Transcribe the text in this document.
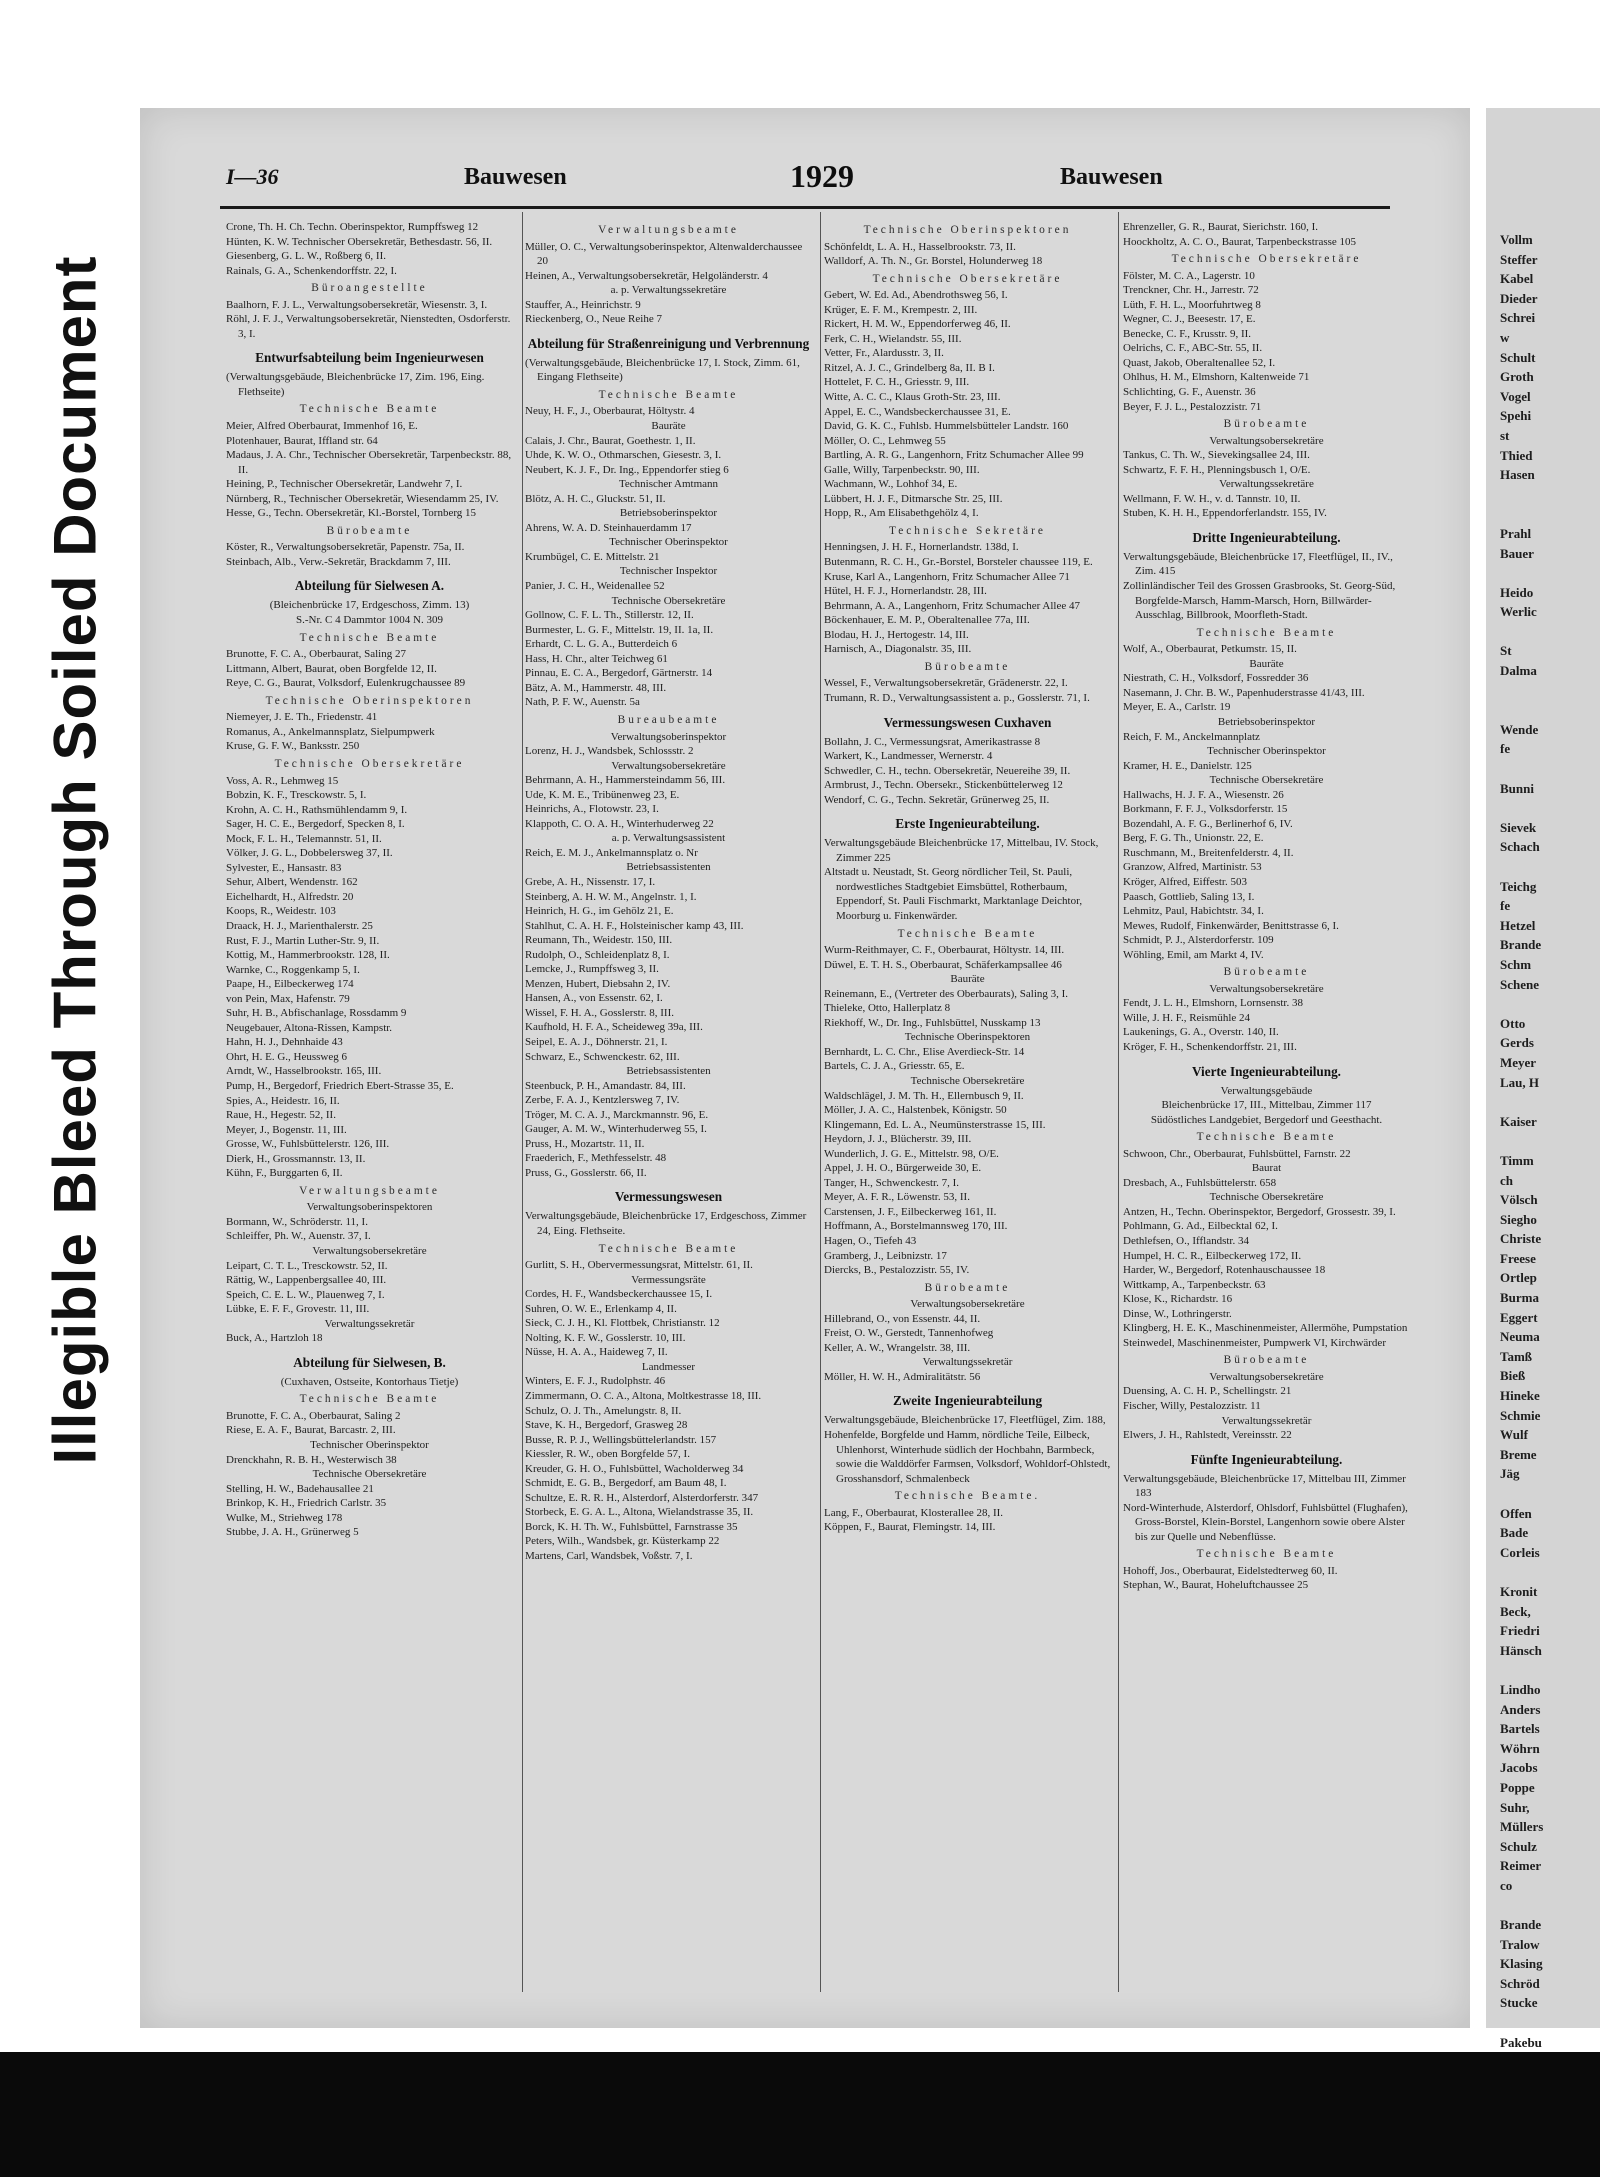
Illegible Bleed Through Soiled Document
I—36	Bauwesen	1929	Bauwesen
Crone, Th. H. Ch. Techn. Oberinspektor, Rumpffsweg 12
Hünten, K. W. Technischer Obersekretär, Bethesdastr. 56, II.
Giesenberg, G. L. W., Roßberg 6, II.
Rainals, G. A., Schenkendorffstr. 22, I.
Büroangestellte
Baalhorn, F. J. L., Verwaltungsobersekretär, Wiesenstr. 3, I.
Röhl, J. F. J., Verwaltungsobersekretär, Nienstedten, Osdorferstr. 3, I.
Entwurfsabteilung beim Ingenieurwesen
(Verwaltungsgebäude, Bleichenbrücke 17, Zim. 196, Eing. Flethseite)
Technische Beamte
Meier, Alfred Oberbaurat, Immenhof 16, E.
Plotenhauer, Baurat, Iffland str. 64
Madaus, J. A. Chr., Technischer Obersekretär, Tarpenbeckstr. 88, II.
Heining, P., Technischer Obersekretär, Landwehr 7, I.
Nürnberg, R., Technischer Obersekretär, Wiesendamm 25, IV.
Hesse, G., Techn. Obersekretär, Kl.-Borstel, Tornberg 15
Bürobeamte
Köster, R., Verwaltungsobersekretär, Papenstr. 75a, II.
Steinbach, Alb., Verw.-Sekretär, Brackdamm 7, III.
Abteilung für Sielwesen A.
(Bleichenbrücke 17, Erdgeschoss, Zimm. 13)
S.-Nr. C 4 Dammtor 1004 N. 309
Technische Beamte
Brunotte, F. C. A., Oberbaurat, Saling 27
Littmann, Albert, Baurat, oben Borgfelde 12, II.
Reye, C. G., Baurat, Volksdorf, Eulenkrugchaussee 89
Technische Oberinspektoren
Niemeyer, J. E. Th., Friedenstr. 41
Romanus, A., Ankelmannsplatz, Sielpumpwerk
Kruse, G. F. W., Banksstr. 250
Technische Obersekretäre
Voss, A. R., Lehmweg 15
Bobzin, K. F., Tresckowstr. 5, I.
Krohn, A. C. H., Rathsmühlendamm 9, I.
Sager, H. C. E., Bergedorf, Specken 8, I.
Mock, F. L. H., Telemannstr. 51, II.
Völker, J. G. L., Dobbelersweg 37, II.
Sylvester, E., Hansastr. 83
Sehur, Albert, Wendenstr. 162
Eichelhardt, H., Alfredstr. 20
Koops, R., Weidestr. 103
Draack, H. J., Marienthalerstr. 25
Rust, F. J., Martin Luther-Str. 9, II.
Kottig, M., Hammerbrookstr. 128, II.
Warnke, C., Roggenkamp 5, I.
Paape, H., Eilbeckerweg 174
von Pein, Max, Hafenstr. 79
Suhr, H. B., Abfischanlage, Rossdamm 9
Neugebauer, Altona-Rissen, Kampstr.
Hahn, H. J., Dehnhaide 43
Ohrt, H. E. G., Heussweg 6
Arndt, W., Hasselbrookstr. 165, III.
Pump, H., Bergedorf, Friedrich Ebert-Strasse 35, E.
Spies, A., Heidestr. 16, II.
Raue, H., Hegestr. 52, II.
Meyer, J., Bogenstr. 11, III.
Grosse, W., Fuhlsbüttelerstr. 126, III.
Dierk, H., Grossmannstr. 13, II.
Kühn, F., Burggarten 6, II.
Verwaltungsbeamte
Verwaltungsoberinspektoren
Bormann, W., Schröderstr. 11, I.
Schleiffer, Ph. W., Auenstr. 37, I.
Verwaltungsobersekretäre
Leipart, C. T. L., Tresckowstr. 52, II.
Rättig, W., Lappenbergsallee 40, III.
Speich, C. E. L. W., Plauenweg 7, I.
Lübke, E. F. F., Grovestr. 11, III.
Verwaltungssekretär
Buck, A., Hartzloh 18
Abteilung für Sielwesen, B.
(Cuxhaven, Ostseite, Kontorhaus Tietje)
Technische Beamte
Brunotte, F. C. A., Oberbaurat, Saling 2
Riese, E. A. F., Baurat, Barcastr. 2, III.
Technischer Oberinspektor
Drenckhahn, R. B. H., Westerwisch 38
Technische Obersekretäre
Stelling, H. W., Badehausallee 21
Brinkop, K. H., Friedrich Carlstr. 35
Wulke, M., Striehweg 178
Stubbe, J. A. H., Grünerweg 5
Verwaltungsbeamte
Müller, O. C., Verwaltungsoberinspektor, Altenwalderchaussee 20
Heinen, A., Verwaltungsobersekretär, Helgoländerstr. 4
a. p. Verwaltungssekretäre
Stauffer, A., Heinrichstr. 9
Rieckenberg, O., Neue Reihe 7
Abteilung für Straßenreinigung und Verbrennung
(Verwaltungsgebäude, Bleichenbrücke 17, I. Stock, Zimm. 61, Eingang Flethseite)
Technische Beamte
Neuy, H. F., J., Oberbaurat, Höltystr. 4
Bauräte
Calais, J. Chr., Baurat, Goethestr. 1, II.
Uhde, K. W. O., Othmarschen, Giesestr. 3, I.
Neubert, K. J. F., Dr. Ing., Eppendorfer stieg 6
Technischer Amtmann
Blötz, A. H. C., Gluckstr. 51, II.
Betriebsoberinspektor
Ahrens, W. A. D. Steinhauerdamm 17
Technischer Oberinspektor
Krumbügel, C. E. Mittelstr. 21
Technischer Inspektor
Panier, J. C. H., Weidenallee 52
Technische Obersekretäre
Gollnow, C. F. L. Th., Stillerstr. 12, II.
Burmester, L. G. F., Mittelstr. 19, II. 1a, II.
Erhardt, C. L. G. A., Butterdeich 6
Hass, H. Chr., alter Teichweg 61
Pinnau, E. C. A., Bergedorf, Gärtnerstr. 14
Bätz, A. M., Hammerstr. 48, III.
Nath, P. F. W., Auenstr. 5a
Bureaubeamte
Verwaltungsoberinspektor
Lorenz, H. J., Wandsbek, Schlossstr. 2
Verwaltungsobersekretäre
Behrmann, A. H., Hammersteindamm 56, III.
Ude, K. M. E., Tribünenweg 23, E.
Heinrichs, A., Flotowstr. 23, I.
Klappoth, C. O. A. H., Winterhuderweg 22
a. p. Verwaltungsassistent
Reich, E. M. J., Ankelmannsplatz o. Nr
Betriebsassistenten
Grebe, A. H., Nissenstr. 17, I.
Steinberg, A. H. W. M., Angelnstr. 1, I.
Heinrich, H. G., im Gehölz 21, E.
Stahlhut, C. A. H. F., Holsteinischer kamp 43, III.
Reumann, Th., Weidestr. 150, III.
Rudolph, O., Schleidenplatz 8, I.
Lemcke, J., Rumpffsweg 3, II.
Menzen, Hubert, Diebsahn 2, IV.
Hansen, A., von Essenstr. 62, I.
Wissel, F. H. A., Gosslerstr. 8, III.
Kaufhold, H. F. A., Scheideweg 39a, III.
Seipel, E. A. J., Döhnerstr. 21, I.
Schwarz, E., Schwenckestr. 62, III.
Betriebsassistenten
Steenbuck, P. H., Amandastr. 84, III.
Zerbe, F. A. J., Kentzlersweg 7, IV.
Tröger, M. C. A. J., Marckmannstr. 96, E.
Gauger, A. M. W., Winterhuderweg 55, I.
Pruss, H., Mozartstr. 11, II.
Fraederich, F., Methfesselstr. 48
Pruss, G., Gosslerstr. 66, II.
Vermessungswesen
Verwaltungsgebäude, Bleichenbrücke 17, Erdgeschoss, Zimmer 24, Eing. Flethseite.
Technische Beamte
Gurlitt, S. H., Obervermessungsrat, Mittelstr. 61, II.
Vermessungsräte
Cordes, H. F., Wandsbeckerchaussee 15, I.
Suhren, O. W. E., Erlenkamp 4, II.
Sieck, C. J. H., Kl. Flottbek, Christianstr. 12
Nolting, K. F. W., Gosslerstr. 10, III.
Nüsse, H. A. A., Haideweg 7, II.
Landmesser
Winters, E. F. J., Rudolphstr. 46
Zimmermann, O. C. A., Altona, Moltkestrasse 18, III.
Schulz, O. J. Th., Amelungstr. 8, II.
Stave, K. H., Bergedorf, Grasweg 28
Busse, R. P. J., Wellingsbüttelerlandstr. 157
Kiessler, R. W., oben Borgfelde 57, I.
Kreuder, G. H. O., Fuhlsbüttel, Wacholderweg 34
Schmidt, E. G. B., Bergedorf, am Baum 48, I.
Schultze, E. R. R. H., Alsterdorf, Alsterdorferstr. 347
Storbeck, E. G. A. L., Altona, Wielandstrasse 35, II.
Borck, K. H. Th. W., Fuhlsbüttel, Farnstrasse 35
Peters, Wilh., Wandsbek, gr. Küsterkamp 22
Martens, Carl, Wandsbek, Voßstr. 7, I.
Technische Oberinspektoren
Schönfeldt, L. A. H., Hasselbrookstr. 73, II.
Walldorf, A. Th. N., Gr. Borstel, Holunderweg 18
Technische Obersekretäre
Gebert, W. Ed. Ad., Abendrothsweg 56, I.
Krüger, E. F. M., Krempestr. 2, III.
Rickert, H. M. W., Eppendorferweg 46, II.
Ferk, C. H., Wielandstr. 55, III.
Vetter, Fr., Alardusstr. 3, II.
Ritzel, A. J. C., Grindelberg 8a, II. B I.
Hottelet, F. C. H., Griesstr. 9, III.
Witte, A. C. C., Klaus Groth-Str. 23, III.
Appel, E. C., Wandsbeckerchaussee 31, E.
David, G. K. C., Fuhlsb. Hummelsbütteler Landstr. 160
Möller, O. C., Lehmweg 55
Bartling, A. R. G., Langenhorn, Fritz Schumacher Allee 99
Galle, Willy, Tarpenbeckstr. 90, III.
Wachmann, W., Lohhof 34, E.
Lübbert, H. J. F., Ditmarsche Str. 25, III.
Hopp, R., Am Elisabethgehölz 4, I.
Technische Sekretäre
Henningsen, J. H. F., Hornerlandstr. 138d, I.
Butenmann, R. C. H., Gr.-Borstel, Borsteler chaussee 119, E.
Kruse, Karl A., Langenhorn, Fritz Schumacher Allee 71
Hütel, H. F. J., Hornerlandstr. 28, III.
Behrmann, A. A., Langenhorn, Fritz Schumacher Allee 47
Böckenhauer, E. M. P., Oberaltenallee 77a, III.
Blodau, H. J., Hertogestr. 14, III.
Harnisch, A., Diagonalstr. 35, III.
Bürobeamte
Wessel, F., Verwaltungsobersekretär, Grädenerstr. 22, I.
Trumann, R. D., Verwaltungsassistent a. p., Gosslerstr. 71, I.
Vermessungswesen Cuxhaven
Bollahn, J. C., Vermessungsrat, Amerikastrasse 8
Warkert, K., Landmesser, Wernerstr. 4
Schwedler, C. H., techn. Obersekretär, Neuereihe 39, II.
Armbrust, J., Techn. Obersekr., Stickenbüttelerweg 12
Wendorf, C. G., Techn. Sekretär, Grünerweg 25, II.
Erste Ingenieurabteilung.
Verwaltungsgebäude Bleichenbrücke 17, Mittelbau, IV. Stock, Zimmer 225
Altstadt u. Neustadt, St. Georg nördlicher Teil, St. Pauli, nordwestliches Stadtgebiet Eimsbüttel, Rotherbaum, Eppendorf, St. Pauli Fischmarkt, Marktanlage Deichtor, Moorburg u. Finkenwärder.
Technische Beamte
Wurm-Reithmayer, C. F., Oberbaurat, Höltystr. 14, III.
Düwel, E. T. H. S., Oberbaurat, Schäferkampsallee 46
Bauräte
Reinemann, E., (Vertreter des Oberbaurats), Saling 3, I.
Thieleke, Otto, Hallerplatz 8
Riekhoff, W., Dr. Ing., Fuhlsbüttel, Nusskamp 13
Technische Oberinspektoren
Bernhardt, L. C. Chr., Elise Averdieck-Str. 14
Bartels, C. J. A., Griesstr. 65, E.
Technische Obersekretäre
Waldschlägel, J. M. Th. H., Ellernbusch 9, II.
Möller, J. A. C., Halstenbek, Königstr. 50
Klingemann, Ed. L. A., Neumünsterstrasse 15, III.
Heydorn, J. J., Blücherstr. 39, III.
Wunderlich, J. G. E., Mittelstr. 98, O/E.
Appel, J. H. O., Bürgerweide 30, E.
Tanger, H., Schwenckestr. 7, I.
Meyer, A. F. R., Löwenstr. 53, II.
Carstensen, J. F., Eilbeckerweg 161, II.
Hoffmann, A., Borstelmannsweg 170, III.
Hagen, O., Tiefeh 43
Gramberg, J., Leibnizstr. 17
Diercks, B., Pestalozzistr. 55, IV.
Bürobeamte
Verwaltungsobersekretäre
Hillebrand, O., von Essenstr. 44, II.
Freist, O. W., Gerstedt, Tannenhofweg
Keller, A. W., Wrangelstr. 38, III.
Verwaltungssekretär
Möller, H. W. H., Admiralitätstr. 56
Zweite Ingenieurabteilung
Verwaltungsgebäude, Bleichenbrücke 17, Fleetflügel, Zim. 188,
Hohenfelde, Borgfelde und Hamm, nördliche Teile, Eilbeck, Uhlenhorst, Winterhude südlich der Hochbahn, Barmbeck, sowie die Walddörfer Farmsen, Volksdorf, Wohldorf-Ohlstedt, Grosshansdorf, Schmalenbeck
Technische Beamte.
Lang, F., Oberbaurat, Klosterallee 28, II.
Köppen, F., Baurat, Flemingstr. 14, III.
Ehrenzeller, G. R., Baurat, Sierichstr. 160, I.
Hoockholtz, A. C. O., Baurat, Tarpenbeckstrasse 105
Technische Obersekretäre
Fölster, M. C. A., Lagerstr. 10
Trenckner, Chr. H., Jarrestr. 72
Lüth, F. H. L., Moorfuhrtweg 8
Wegner, C. J., Beesestr. 17, E.
Benecke, C. F., Krusstr. 9, II.
Oelrichs, C. F., ABC-Str. 55, II.
Quast, Jakob, Oberaltenallee 52, I.
Ohlhus, H. M., Elmshorn, Kaltenweide 71
Schlichting, G. F., Auenstr. 36
Beyer, F. J. L., Pestalozzistr. 71
Bürobeamte
Verwaltungsobersekretäre
Tankus, C. Th. W., Sievekingsallee 24, III.
Schwartz, F. F. H., Plenningsbusch 1, O/E.
Verwaltungssekretäre
Wellmann, F. W. H., v. d. Tannstr. 10, II.
Stuben, K. H. H., Eppendorferlandstr. 155, IV.
Dritte Ingenieurabteilung.
Verwaltungsgebäude, Bleichenbrücke 17, Fleetflügel, II., IV., Zim. 415
Zollinländischer Teil des Grossen Grasbrooks, St. Georg-Süd, Borgfelde-Marsch, Hamm-Marsch, Horn, Billwärder-Ausschlag, Billbrook, Moorfleth-Stadt.
Technische Beamte
Wolf, A., Oberbaurat, Petkumstr. 15, II.
Bauräte
Niestrath, C. H., Volksdorf, Fossredder 36
Nasemann, J. Chr. B. W., Papenhuderstrasse 41/43, III.
Meyer, E. A., Carlstr. 19
Betriebsoberinspektor
Reich, F. M., Anckelmannplatz
Technischer Oberinspektor
Kramer, H. E., Danielstr. 125
Technische Obersekretäre
Hallwachs, H. J. F. A., Wiesenstr. 26
Borkmann, F. F. J., Volksdorferstr. 15
Bozendahl, A. F. G., Berlinerhof 6, IV.
Berg, F. G. Th., Unionstr. 22, E.
Ruschmann, M., Breitenfelderstr. 4, II.
Granzow, Alfred, Martinistr. 53
Kröger, Alfred, Eiffestr. 503
Paasch, Gottlieb, Saling 13, I.
Lehmitz, Paul, Habichtstr. 34, I.
Mewes, Rudolf, Finkenwärder, Benittstrasse 6, I.
Schmidt, P. J., Alsterdorferstr. 109
Wöhling, Emil, am Markt 4, IV.
Bürobeamte
Verwaltungsobersekretäre
Fendt, J. L. H., Elmshorn, Lornsenstr. 38
Wille, J. H. F., Reismühle 24
Laukenings, G. A., Overstr. 140, II.
Kröger, F. H., Schenkendorffstr. 21, III.
Vierte Ingenieurabteilung.
Verwaltungsgebäude
Bleichenbrücke 17, III., Mittelbau, Zimmer 117
Südöstliches Landgebiet, Bergedorf und Geesthacht.
Technische Beamte
Schwoon, Chr., Oberbaurat, Fuhlsbüttel, Farnstr. 22
Baurat
Dresbach, A., Fuhlsbüttelerstr. 658
Technische Obersekretäre
Antzen, H., Techn. Oberinspektor, Bergedorf, Grossestr. 39, I.
Pohlmann, G. Ad., Eilbecktal 62, I.
Dethlefsen, O., Ifflandstr. 34
Humpel, H. C. R., Eilbeckerweg 172, II.
Harder, W., Bergedorf, Rotenhauschaussee 18
Wittkamp, A., Tarpenbeckstr. 63
Klose, K., Richardstr. 16
Dinse, W., Lothringerstr.
Klingberg, H. E. K., Maschinenmeister, Allermöhe, Pumpstation
Steinwedel, Maschinenmeister, Pumpwerk VI, Kirchwärder
Bürobeamte
Verwaltungsobersekretäre
Duensing, A. C. H. P., Schellingstr. 21
Fischer, Willy, Pestalozzistr. 11
Verwaltungssekretär
Elwers, J. H., Rahlstedt, Vereinsstr. 22
Fünfte Ingenieurabteilung.
Verwaltungsgebäude, Bleichenbrücke 17, Mittelbau III, Zimmer 183
Nord-Winterhude, Alsterdorf, Ohlsdorf, Fuhlsbüttel (Flughafen), Gross-Borstel, Klein-Borstel, Langenhorn sowie obere Alster bis zur Quelle und Nebenflüsse.
Technische Beamte
Hohoff, Jos., Oberbaurat, Eidelstedterweg 60, II.
Stephan, W., Baurat, Hoheluftchaussee 25
Vollm
Steffer
Kabel
Dieder
Schrei
w
Schult
Groth
Vogel
Spehi
st
Thied
Hasen

Prahl
Bauer

Heido
Werlic

St
Dalma

Wende
fe

Bunni

Sievek
Schach

Teichg
fe
Hetzel
Brande
Schm
Schene

Otto
Gerds
Meyer
Lau, H

Kaiser

Timm
ch
Völsch
Siegho
Christe
Freese
Ortlep
Burma
Eggert
Neuma
Tamß
Bieß
Hineke
Schmie
Wulf
Breme
Jäg

Offen
Bade
Corleis

Kronit
Beck,
Friedri
Hänsch

Lindho
Anders
Bartels
Wöhrn
Jacobs
Poppe
Suhr,
Müllers
Schulz
Reimer
co

Brande
Tralow
Klasing
Schröd
Stucke

Pakebu
